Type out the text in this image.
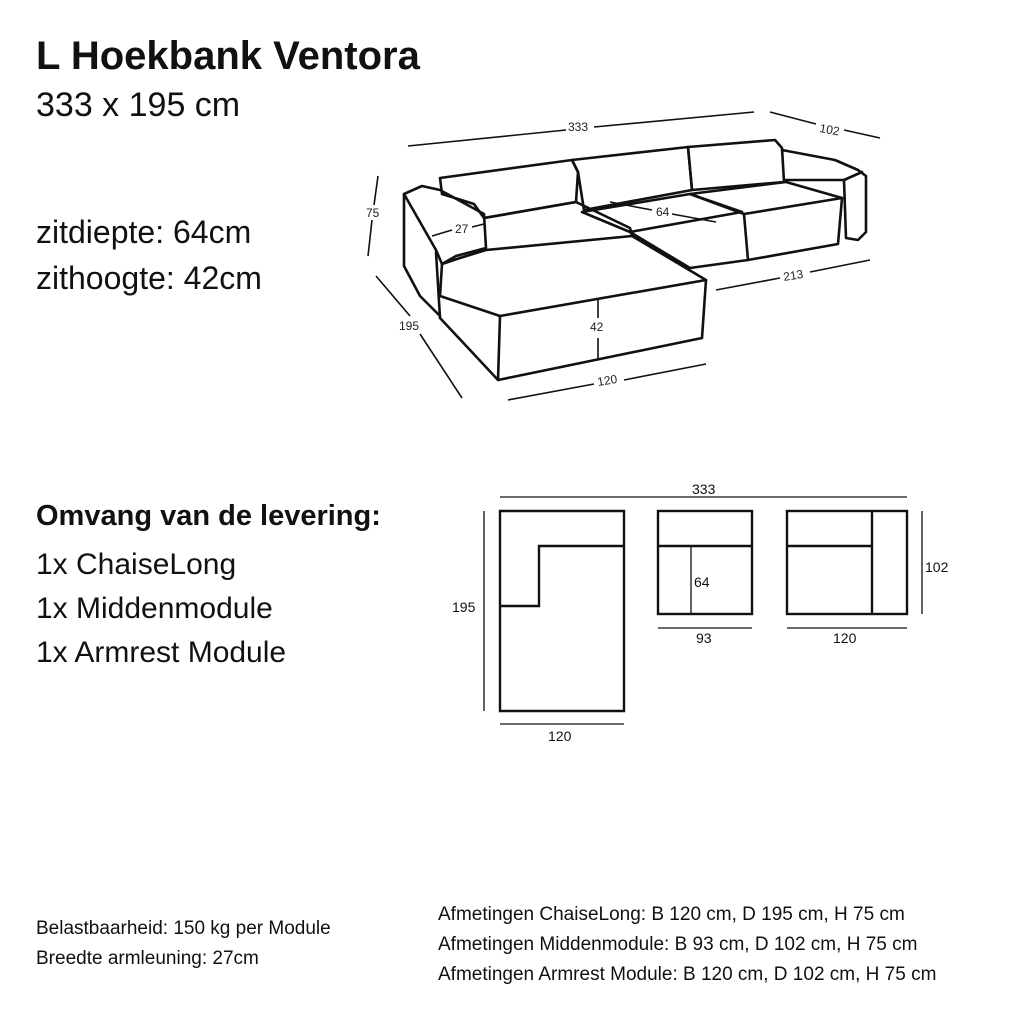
L Hoekbank Ventora
333 x 195 cm
zitdiepte: 64cm
zithoogte: 42cm
333	102
75
27
64
195	42
120
213
Omvang van de levering:
1x ChaiseLong
1x Middenmodule
1x Armrest Module
333
195
120
93
64
120
102
Belastbaarheid: 150 kg per Module
Breedte armleuning: 27cm
Afmetingen ChaiseLong: B 120 cm, D 195 cm, H 75 cm
Afmetingen Middenmodule: B 93 cm, D 102 cm, H 75 cm
Afmetingen Armrest Module: B 120 cm, D 102 cm, H 75 cm
